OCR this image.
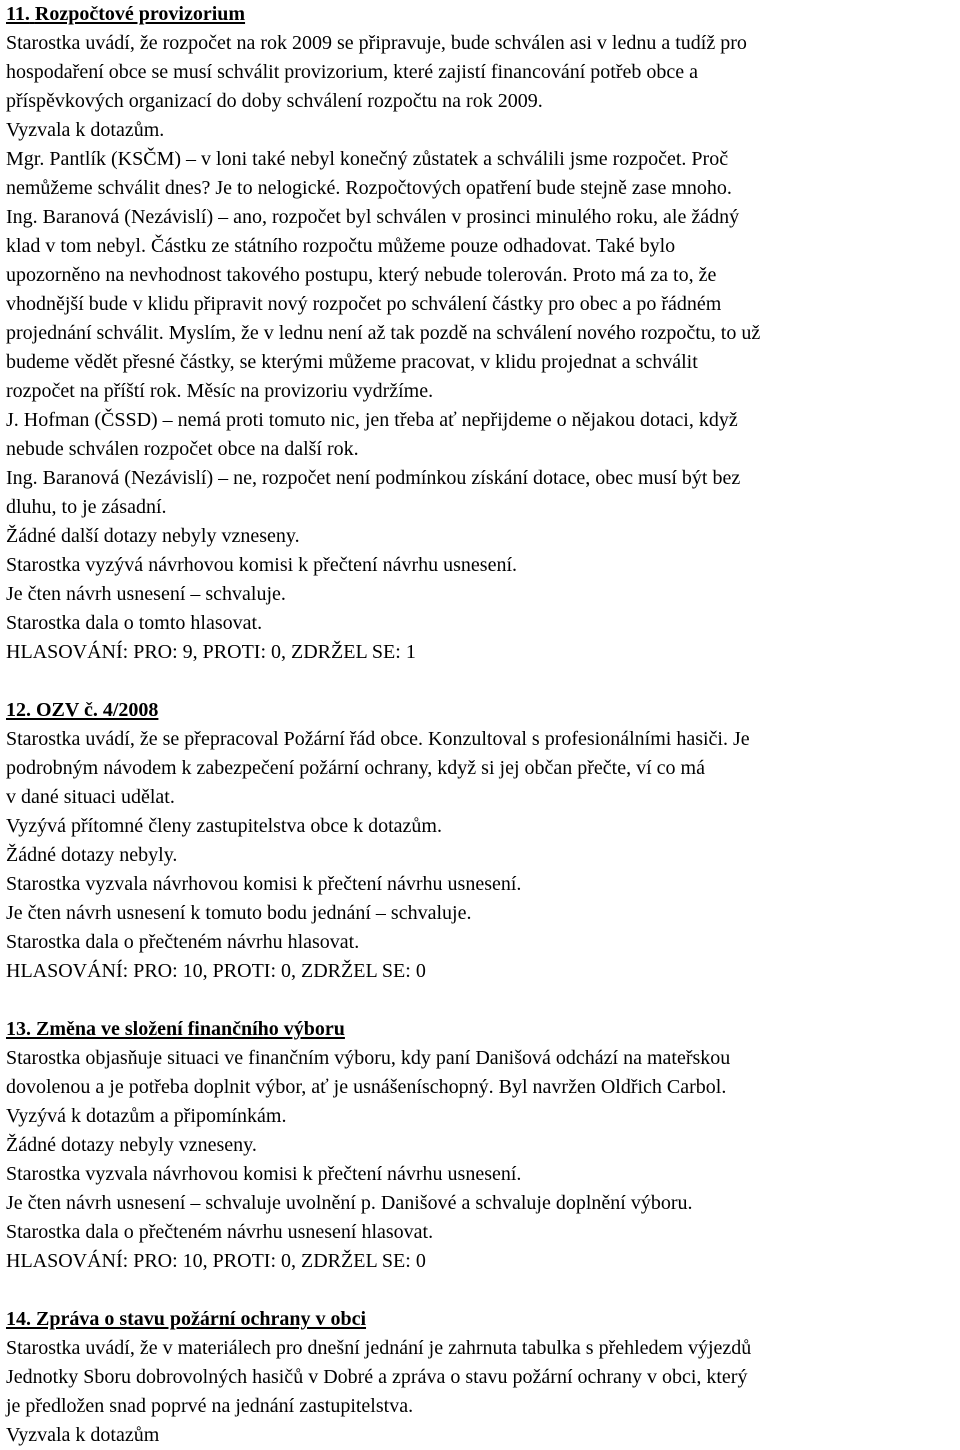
11. Rozpočtové provizorium
Starostka uvádí, že rozpočet na rok 2009 se připravuje, bude schválen asi v lednu a tudíž pro
hospodaření obce se musí schválit provizorium, které zajistí financování potřeb obce a
příspěvkových organizací do doby schválení rozpočtu na rok 2009.
Vyzvala k dotazům.
Mgr. Pantlík (KSČM) – v loni také nebyl konečný zůstatek a schválili jsme rozpočet. Proč
nemůžeme schválit dnes? Je to nelogické. Rozpočtových opatření bude stejně zase mnoho.
Ing. Baranová (Nezávislí) – ano, rozpočet byl schválen v prosinci minulého roku, ale žádný
klad v tom nebyl. Částku ze státního rozpočtu můžeme pouze odhadovat. Také bylo
upozorněno na nevhodnost takového postupu, který nebude tolerován. Proto má za to, že
vhodnější bude v klidu připravit nový rozpočet po schválení částky pro obec a po řádném
projednání schválit. Myslím, že v lednu není až tak pozdě na schválení nového rozpočtu, to už
budeme vědět přesné částky, se kterými můžeme pracovat, v klidu projednat a schválit
rozpočet na příští rok. Měsíc na provizoriu vydržíme.
J. Hofman (ČSSD) – nemá proti tomuto nic, jen třeba ať nepřijdeme o nějakou dotaci, když
nebude schválen rozpočet obce na další rok.
Ing. Baranová (Nezávislí) – ne, rozpočet není podmínkou získání dotace, obec musí být bez
dluhu, to je zásadní.
Žádné další dotazy nebyly vzneseny.
Starostka vyzývá návrhovou komisi k přečtení návrhu usnesení.
Je čten návrh usnesení – schvaluje.
Starostka dala o tomto hlasovat.
HLASOVÁNÍ: PRO: 9, PROTI: 0, ZDRŽEL SE: 1
12. OZV č. 4/2008
Starostka uvádí, že se přepracoval Požární řád obce. Konzultoval s profesionálními hasiči. Je
podrobným návodem k zabezpečení požární ochrany, když si jej občan přečte, ví co má
v dané situaci udělat.
Vyzývá přítomné členy zastupitelstva obce k dotazům.
Žádné dotazy nebyly.
Starostka vyzvala návrhovou komisi k přečtení návrhu usnesení.
Je čten návrh usnesení k tomuto bodu jednání – schvaluje.
Starostka dala o přečteném návrhu hlasovat.
HLASOVÁNÍ: PRO: 10, PROTI: 0, ZDRŽEL SE: 0
13. Změna ve složení finančního výboru
Starostka objasňuje situaci ve finančním výboru, kdy paní Danišová odchází na mateřskou
dovolenou a je potřeba doplnit výbor, ať je usnášeníschopný. Byl navržen Oldřich Carbol.
Vyzývá k dotazům a připomínkám.
Žádné dotazy nebyly vzneseny.
Starostka vyzvala návrhovou komisi k přečtení návrhu usnesení.
Je čten návrh usnesení – schvaluje uvolnění p. Danišové a schvaluje doplnění výboru.
Starostka dala o přečteném návrhu usnesení hlasovat.
HLASOVÁNÍ: PRO: 10, PROTI: 0, ZDRŽEL SE: 0
14. Zpráva o stavu požární ochrany v obci
Starostka uvádí, že v materiálech pro dnešní jednání je zahrnuta tabulka s přehledem výjezdů
Jednotky Sboru dobrovolných hasičů v Dobré a zpráva o stavu požární ochrany v obci, který
je předložen snad poprvé na jednání zastupitelstva.
Vyzvala k dotazům
